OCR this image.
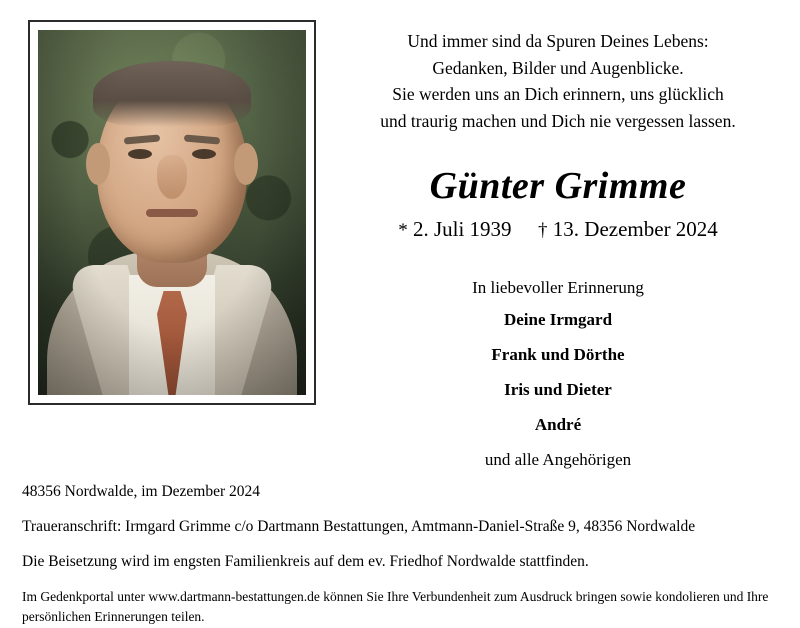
Und immer sind da Spuren Deines Lebens:
Gedanken, Bilder und Augenblicke.
Sie werden uns an Dich erinnern, uns glücklich
und traurig machen und Dich nie vergessen lassen.
Günter Grimme
* 2. Juli 1939 † 13. Dezember 2024
In liebevoller Erinnerung
Deine Irmgard
Frank und Dörthe
Iris und Dieter
André
und alle Angehörigen
48356 Nordwalde, im Dezember 2024
Traueranschrift: Irmgard Grimme c/o Dartmann Bestattungen, Amtmann-Daniel-Straße 9, 48356 Nordwalde
Die Beisetzung wird im engsten Familienkreis auf dem ev. Friedhof Nordwalde stattfinden.
Im Gedenkportal unter www.dartmann-bestattungen.de können Sie Ihre Verbundenheit zum Ausdruck bringen sowie kondolieren und Ihre persönlichen Erinnerungen teilen.
